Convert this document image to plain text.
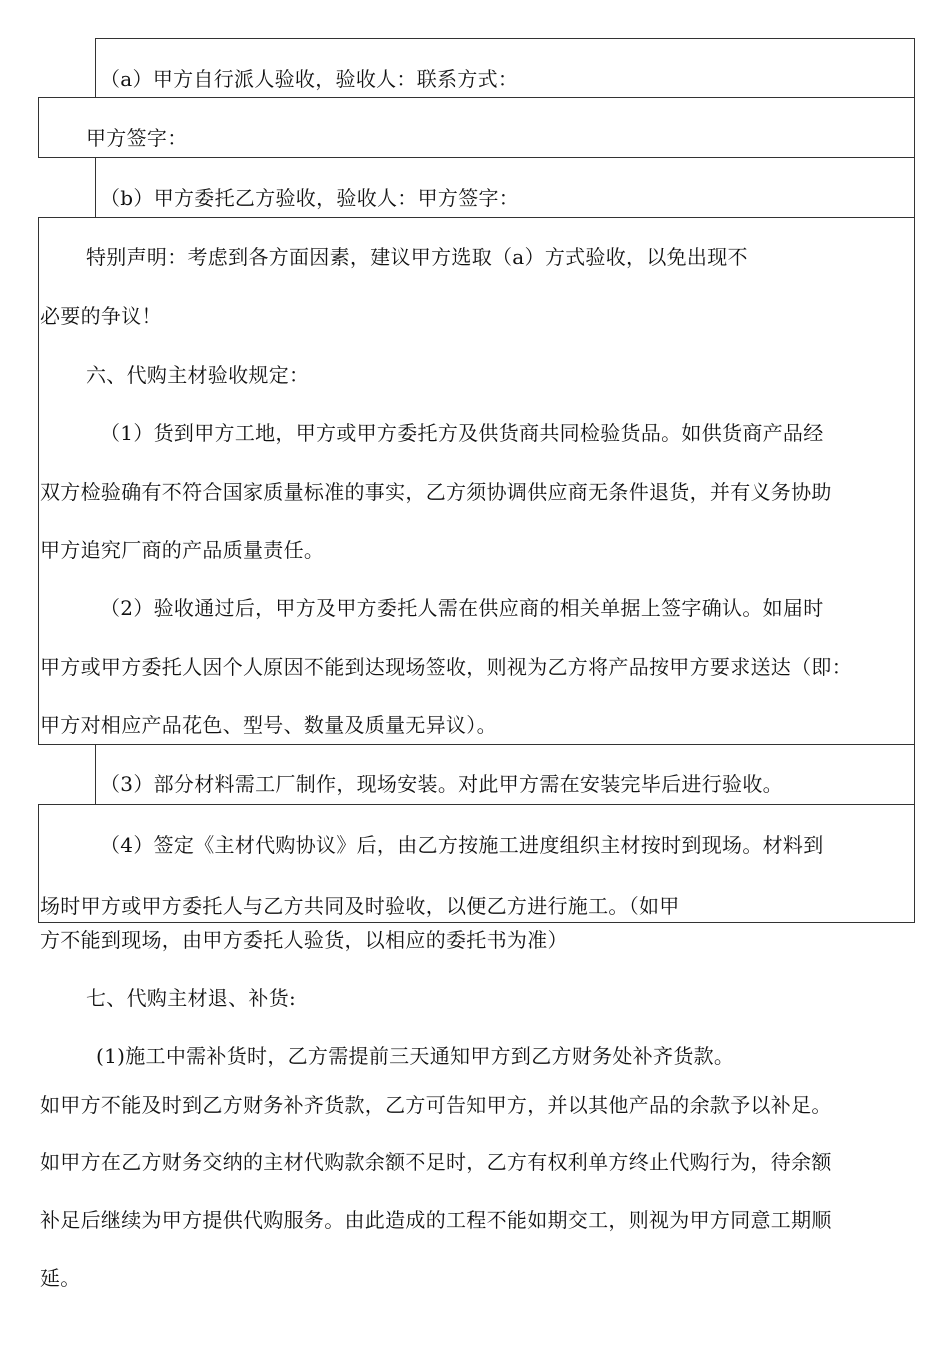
（a）甲方自行派人验收，验收人：联系方式：
甲方签字：
（b）甲方委托乙方验收，验收人：甲方签字：
特别声明：考虑到各方面因素，建议甲方选取（a）方式验收，以免出现不
必要的争议！
六、代购主材验收规定：
（1）货到甲方工地，甲方或甲方委托方及供货商共同检验货品。如供货商产品经
双方检验确有不符合国家质量标准的事实，乙方须协调供应商无条件退货，并有义务协助
甲方追究厂商的产品质量责任。
（2）验收通过后，甲方及甲方委托人需在供应商的相关单据上签字确认。如届时
甲方或甲方委托人因个人原因不能到达现场签收，则视为乙方将产品按甲方要求送达（即：
甲方对相应产品花色、型号、数量及质量无异议）。
（3）部分材料需工厂制作，现场安装。对此甲方需在安装完毕后进行验收。
（4）签定《主材代购协议》后，由乙方按施工进度组织主材按时到现场。材料到
场时甲方或甲方委托人与乙方共同及时验收，以便乙方进行施工。（如甲
方不能到现场，由甲方委托人验货，以相应的委托书为准）
七、代购主材退、补货:
(1)施工中需补货时，乙方需提前三天通知甲方到乙方财务处补齐货款。
如甲方不能及时到乙方财务补齐货款，乙方可告知甲方，并以其他产品的余款予以补足。
如甲方在乙方财务交纳的主材代购款余额不足时，乙方有权利单方终止代购行为，待余额
补足后继续为甲方提供代购服务。由此造成的工程不能如期交工，则视为甲方同意工期顺
延。
